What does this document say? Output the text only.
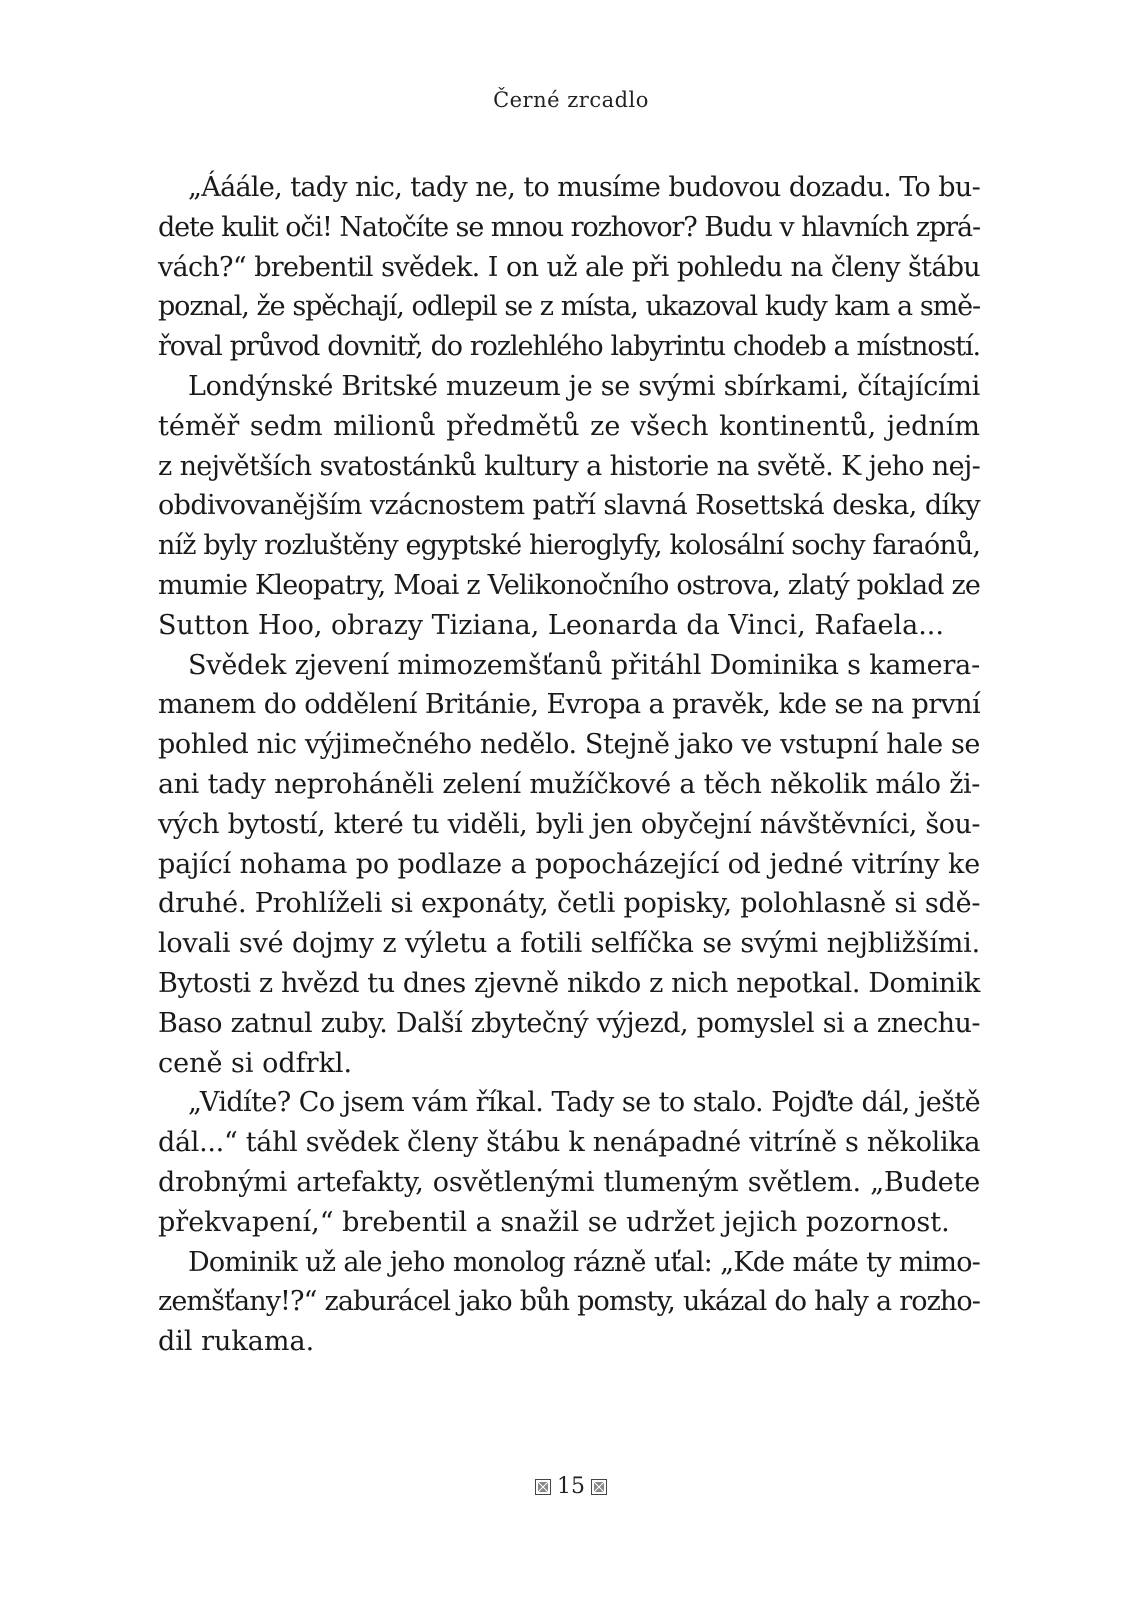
Černé zrcadlo
„Ááále, tady nic, tady ne, to musíme budovou dozadu. To bu-
dete kulit oči! Natočíte se mnou rozhovor? Budu v hlavních zprá-
vách?“ brebentil svědek. I on už ale při pohledu na členy štábu
poznal, že spěchají, odlepil se z místa, ukazoval kudy kam a smě-
řoval průvod dovnitř, do rozlehlého labyrintu chodeb a místností.
Londýnské Britské muzeum je se svými sbírkami, čítajícími
téměř sedm milionů předmětů ze všech kontinentů, jedním
z největších svatostánků kultury a historie na světě. K jeho nej-
obdivovanějším vzácnostem patří slavná Rosettská deska, díky
níž byly rozluštěny egyptské hieroglyfy, kolosální sochy faraónů,
mumie Kleopatry, Moai z Velikonočního ostrova, zlatý poklad ze
Sutton Hoo, obrazy Tiziana, Leonarda da Vinci, Rafaela...
Svědek zjevení mimozemšťanů přitáhl Dominika s kamera-
manem do oddělení Británie, Evropa a pravěk, kde se na první
pohled nic výjimečného nedělo. Stejně jako ve vstupní hale se
ani tady neproháněli zelení mužíčkové a těch několik málo ži-
vých bytostí, které tu viděli, byli jen obyčejní návštěvníci, šou-
pající nohama po podlaze a popocházející od jedné vitríny ke
druhé. Prohlíželi si exponáty, četli popisky, polohlasně si sdě-
lovali své dojmy z výletu a fotili selfíčka se svými nejbližšími.
Bytosti z hvězd tu dnes zjevně nikdo z nich nepotkal. Dominik
Baso zatnul zuby. Další zbytečný výjezd, pomyslel si a znechu-
ceně si odfrkl.
„Vidíte? Co jsem vám říkal. Tady se to stalo. Pojďte dál, ještě
dál...“ táhl svědek členy štábu k nenápadné vitríně s několika
drobnými artefakty, osvětlenými tlumeným světlem. „Budete
překvapení,“ brebentil a snažil se udržet jejich pozornost.
Dominik už ale jeho monolog rázně uťal: „Kde máte ty mimo-
zemšťany!?“ zaburácel jako bůh pomsty, ukázal do haly a rozho-
dil rukama.
15
